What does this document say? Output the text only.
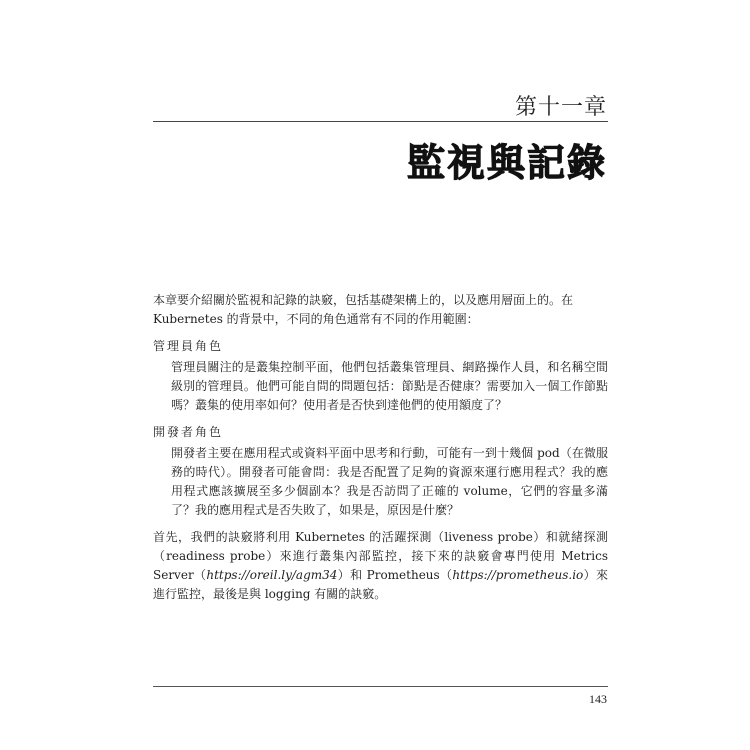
第十一章
監視與記錄

本章要介紹關於監視和記錄的訣竅，包括基礎架構上的，以及應用層面上的。在
Kubernetes 的背景中，不同的角色通常有不同的作用範圍：

管理員角色

管理員關注的是叢集控制平面，他們包括叢集管理員、網路操作人員，和名稱空間級別的管理員。他們可能自問的問題包括：節點是否健康？需要加入一個工作節點嗎？叢集的使用率如何？使用者是否快到達他們的使用額度了？

開發者角色

開發者主要在應用程式或資料平面中思考和行動，可能有一到十幾個 pod（在微服務的時代）。開發者可能會問：我是否配置了足夠的資源來運行應用程式？我的應用程式應該擴展至多少個副本？我是否訪問了正確的 volume，它們的容量多滿了？我的應用程式是否失敗了，如果是，原因是什麼？

首先，我們的訣竅將利用 Kubernetes 的活躍探測（liveness probe）和就緒探測（readiness probe）來進行叢集內部監控，接下來的訣竅會專門使用 Metrics Server（https://oreil.ly/agm34）和 Prometheus（https://prometheus.io）來進行監控，最後是與 logging 有關的訣竅。

143
